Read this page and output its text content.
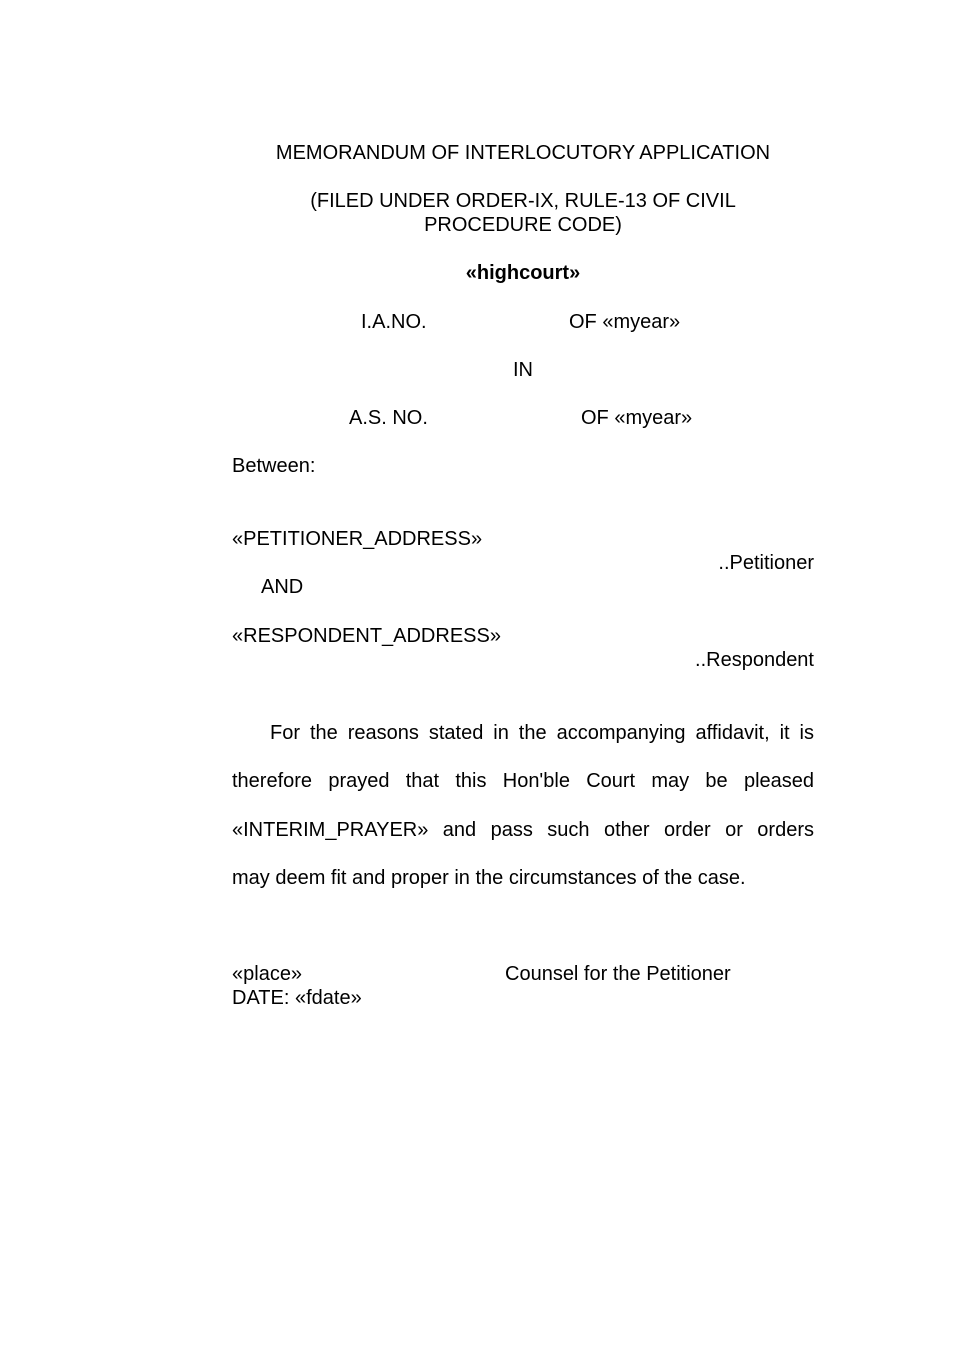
MEMORANDUM OF INTERLOCUTORY APPLICATION
(FILED UNDER ORDER-IX, RULE-13 OF CIVIL
PROCEDURE CODE)
«highcourt»
I.A.NO.	OF «myear»
IN
A.S. NO.	OF «myear»
Between:
«PETITIONER_ADDRESS»
..Petitioner
AND
«RESPONDENT_ADDRESS»
..Respondent
For the reasons stated in the accompanying affidavit, it is
therefore prayed that this Hon'ble Court may be pleased
«INTERIM_PRAYER» and pass such other order or orders
may deem fit and proper in the circumstances of the case.
«place»	Counsel for the Petitioner
DATE: «fdate»
